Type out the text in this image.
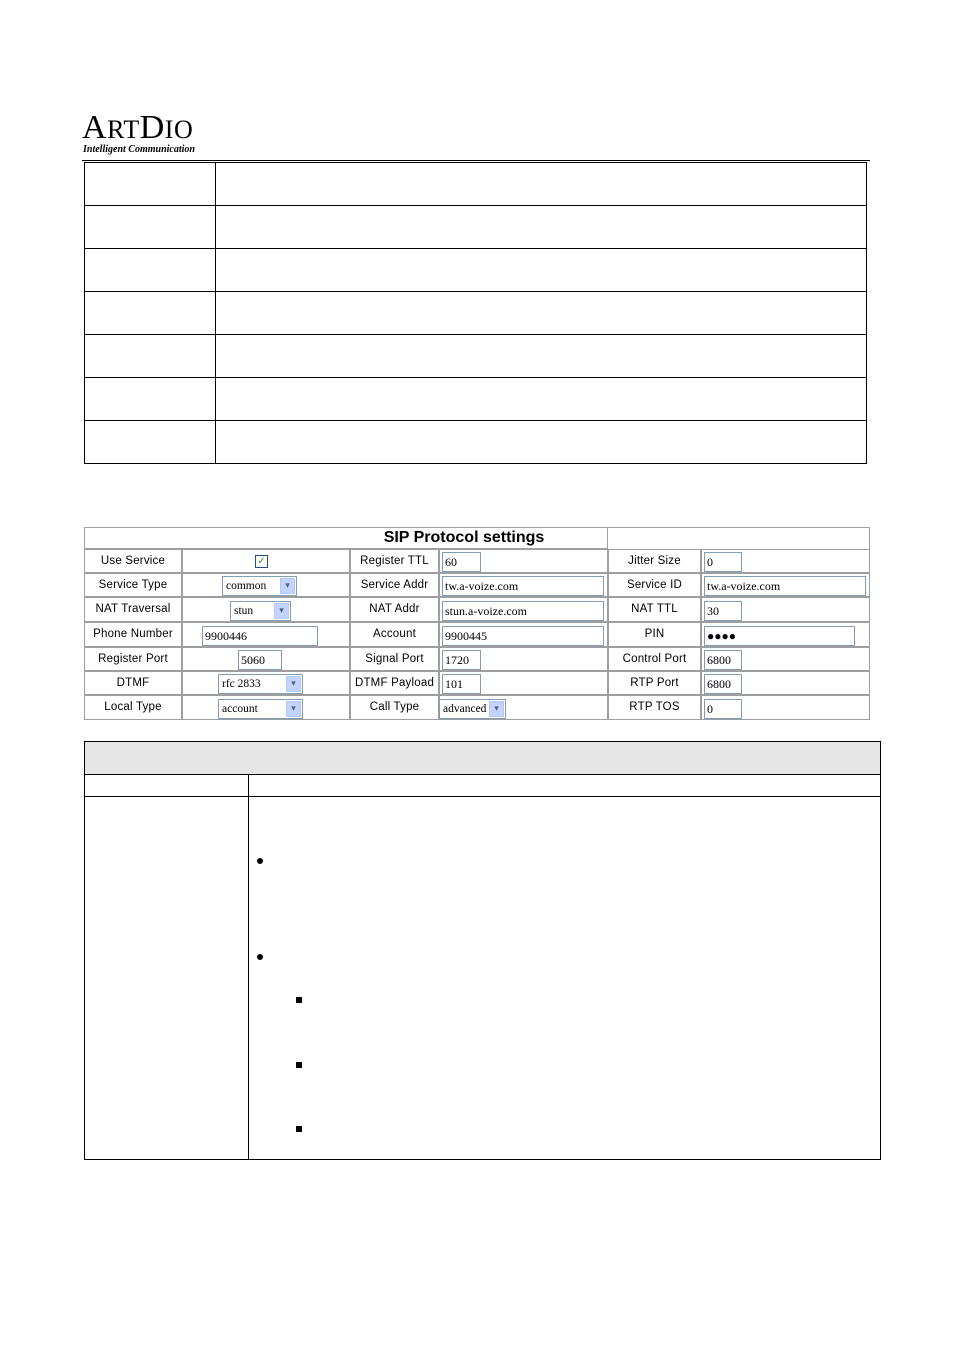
ARTDIO
Intelligent Communication

SIP Protocol settings
Use Service	✓	Register TTL	60	Jitter Size	0
Service Type	common	▾	Service Addr	tw.a-voize.com	Service ID	tw.a-voize.com
NAT Traversal	stun	▾	NAT Addr	stun.a-voize.com	NAT TTL	30
Phone Number	9900446	Account	9900445	PIN	●●●●
Register Port	5060	Signal Port	1720	Control Port	6800
DTMF	rfc 2833	▾	DTMF Payload 101	RTP Port	6800
Local Type	account	▾	Call Type	advanced ▾	RTP TOS	0
